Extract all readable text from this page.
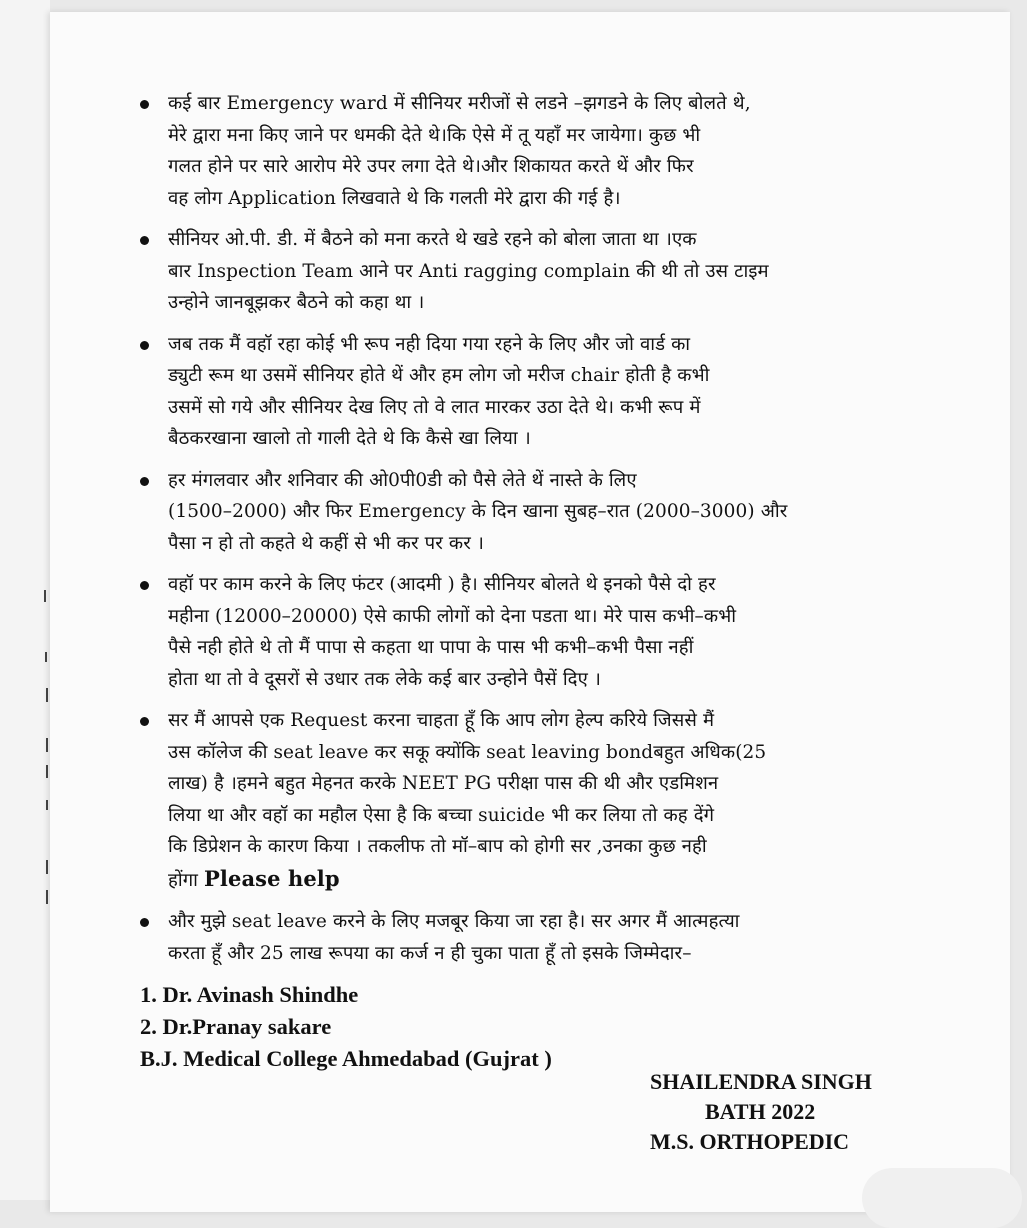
कई बार Emergency ward में सीनियर मरीजों से लडने –झगडने के लिए बोलते थे,
मेरे द्वारा मना किए जाने पर धमकी देते थे।कि ऐसे में तू यहाँ मर जायेगा। कुछ भी
गलत होने पर सारे आरोप मेरे उपर लगा देते थे।और शिकायत करते थें और फिर
वह लोग Application लिखवाते थे कि गलती मेरे द्वारा की गई है।
सीनियर ओ.पी. डी. में बैठने को मना करते थे खडे रहने को बोला जाता था ।एक
बार Inspection Team आने पर Anti ragging complain की थी तो उस टाइम
उन्होने जानबूझकर बैठने को कहा था ।
जब तक मैं वहॉ रहा कोई भी रूप नही दिया गया रहने के लिए और जो वार्ड का
ड्युटी रूम था उसमें सीनियर होते थें और हम लोग जो मरीज chair होती है कभी
उसमें सो गये और सीनियर देख लिए तो वे लात मारकर उठा देते थे। कभी रूप में
बैठकरखाना खालो तो गाली देते थे कि कैसे खा लिया ।
हर मंगलवार और शनिवार की ओ0पी0डी को पैसे लेते थें नास्ते के लिए
(1500–2000) और फिर Emergency के दिन खाना सुबह–रात (2000–3000) और
पैसा न हो तो कहते थे कहीं से भी कर पर कर ।
वहॉ पर काम करने के लिए फंटर (आदमी ) है। सीनियर बोलते थे इनको पैसे दो हर
महीना (12000–20000) ऐसे काफी लोगों को देना पडता था। मेरे पास कभी–कभी
पैसे नही होते थे तो मैं पापा से कहता था पापा के पास भी कभी–कभी पैसा नहीं
होता था तो वे दूसरों से उधार तक लेके कई बार उन्होने पैसें दिए ।
सर मैं आपसे एक Request करना चाहता हूँ कि आप लोग हेल्प करिये जिससे मैं
उस कॉलेज की seat leave कर सकू क्योंकि seat leaving bondबहुत अधिक(25
लाख) है ।हमने बहुत मेहनत करके NEET PG परीक्षा पास की थी और एडमिशन
लिया था और वहॉ का महौल ऐसा है कि बच्चा suicide भी कर लिया तो कह देंगे
कि डिप्रेशन के कारण किया । तकलीफ तो मॉ–बाप को होगी सर ,उनका कुछ नही
होंगा Please help
और मुझे seat leave करने के लिए मजबूर किया जा रहा है। सर अगर मैं आत्महत्या
करता हूँ और 25 लाख रूपया का कर्ज न ही चुका पाता हूँ तो इसके जिम्मेदार–
1. Dr. Avinash Shindhe
2. Dr.Pranay sakare
B.J. Medical College Ahmedabad (Gujrat )
SHAILENDRA SINGH
BATH 2022
M.S. ORTHOPEDIC
